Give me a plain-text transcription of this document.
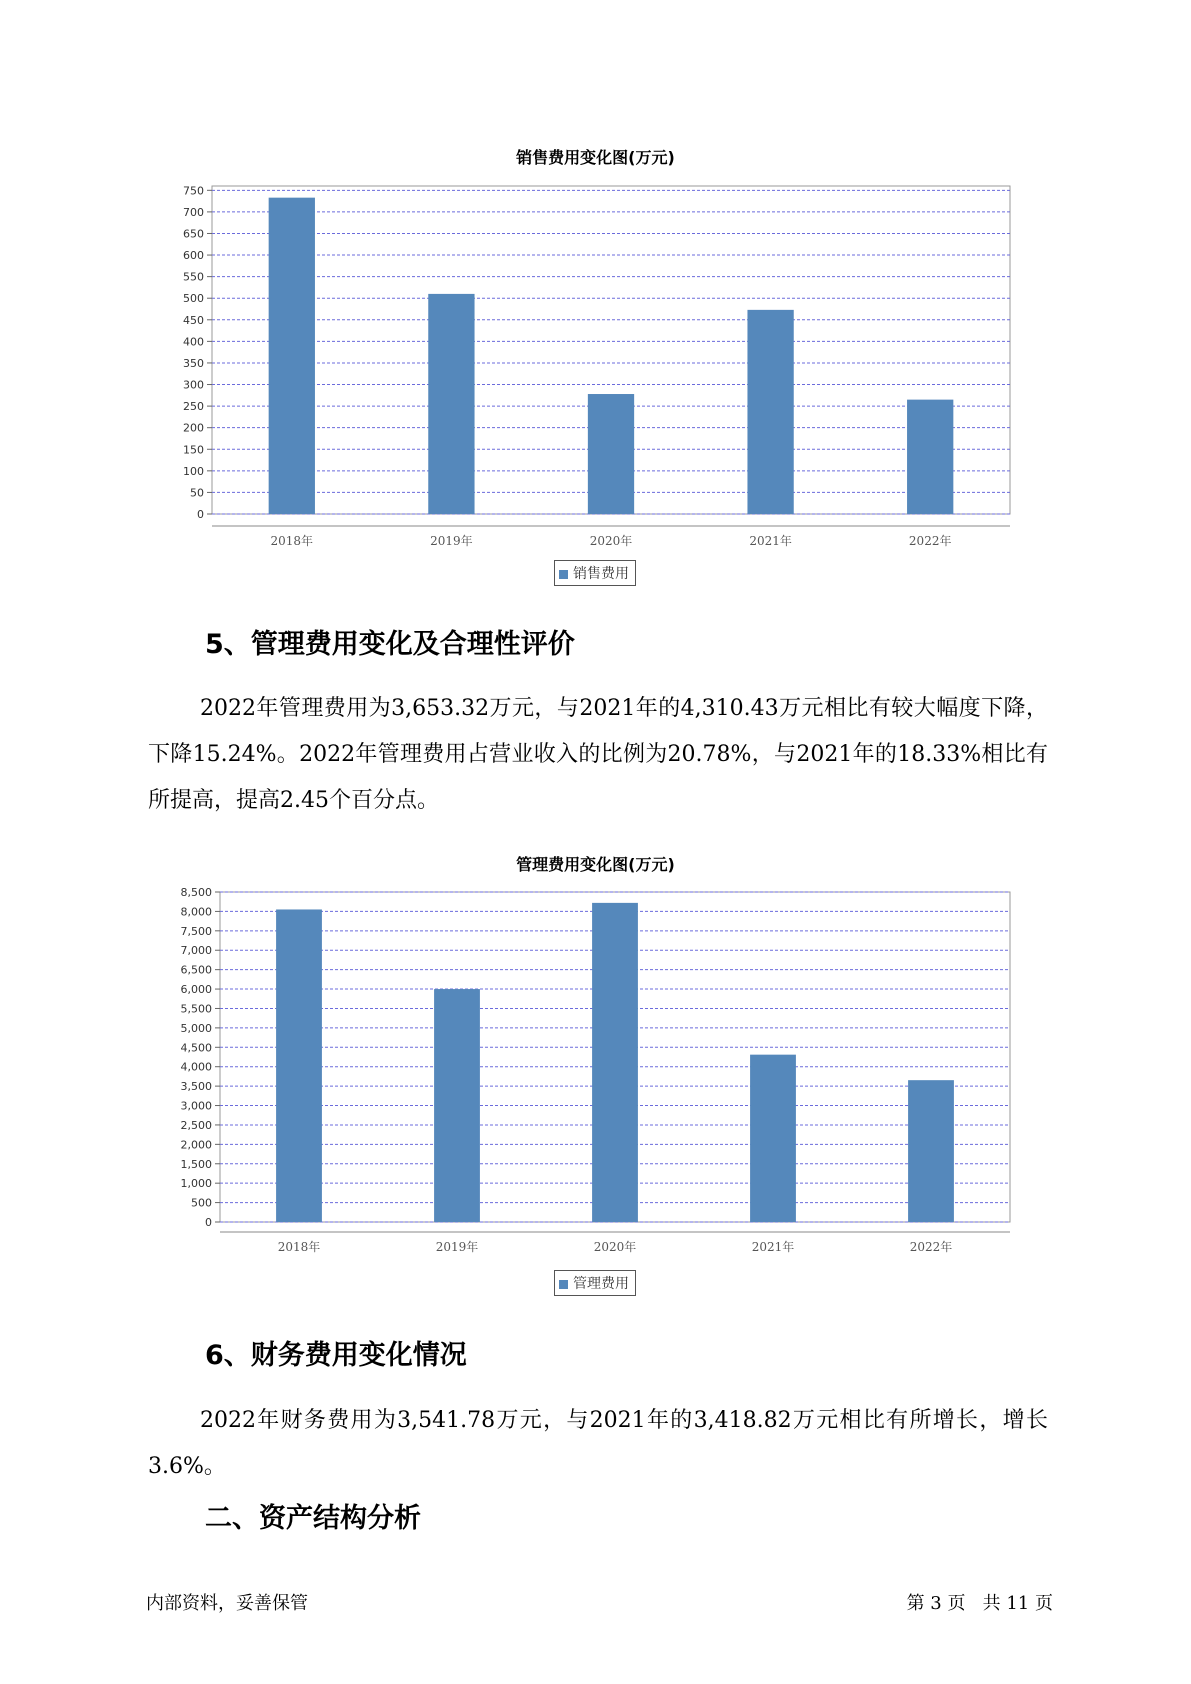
销售费用变化图(万元)
0
50
100
150
200
250
300
350
400
450
500
550
600
650
700
750
2018年	2019年	2020年	2021年	2022年
销售费用
5、管理费用变化及合理性评价
2022年管理费用为3,653.32万元，与2021年的4,310.43万元相比有较大幅度下降，下降15.24%。2022年管理费用占营业收入的比例为20.78%，与2021年的18.33%相比有所提高，提高2.45个百分点。
管理费用变化图(万元)
0
500
1,000
1,500
2,000
2,500
3,000
3,500
4,000
4,500
5,000
5,500
6,000
6,500
7,000
7,500
8,000
8,500
2018年	2019年	2020年	2021年	2022年
管理费用
6、财务费用变化情况
2022年财务费用为3,541.78万元，与2021年的3,418.82万元相比有所增长，增长3.6%。
二、资产结构分析
内部资料，妥善保管	第 3 页   共 11 页
